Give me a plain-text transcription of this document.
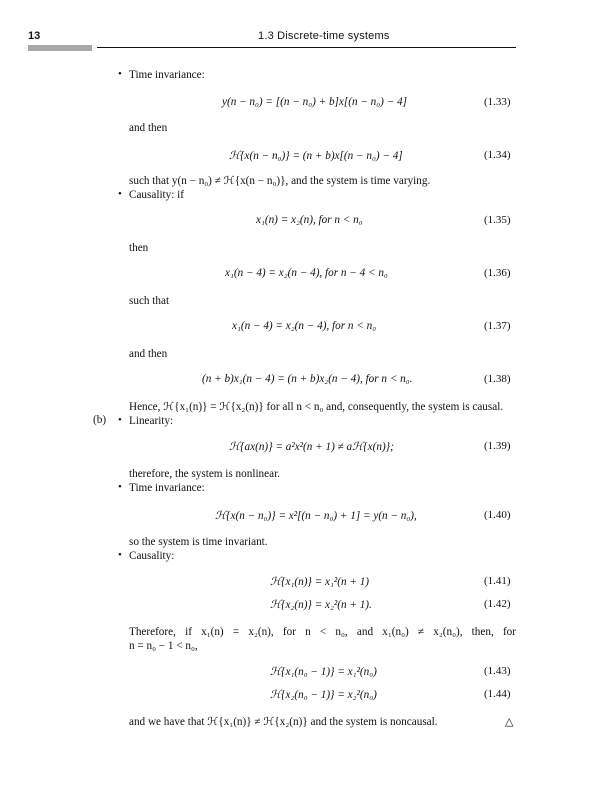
13	1.3 Discrete-time systems
• Time invariance:
y(n − n₀) = [(n − n₀) + b]x[(n − n₀) − 4]	(1.33)
and then
ℋ{x(n − n₀)} = (n + b)x[(n − n₀) − 4]	(1.34)
such that y(n − n₀) ≠ ℋ{x(n − n₀)}, and the system is time varying.
• Causality: if
x₁(n) = x₂(n), for n < n₀	(1.35)
then
x₁(n − 4) = x₂(n − 4), for n − 4 < n₀	(1.36)
such that
x₁(n − 4) = x₂(n − 4), for n < n₀	(1.37)
and then
(n + b)x₁(n − 4) = (n + b)x₂(n − 4), for n < n₀.	(1.38)
Hence, ℋ{x₁(n)} = ℋ{x₂(n)} for all n < n₀ and, consequently, the system is causal.
(b) • Linearity:
ℋ{ax(n)} = a²x²(n + 1) ≠ aℋ{x(n)};	(1.39)
therefore, the system is nonlinear.
• Time invariance:
ℋ{x(n − n₀)} = x²[(n − n₀) + 1] = y(n − n₀),	(1.40)
so the system is time invariant.
• Causality:
ℋ{x₁(n)} = x₁²(n + 1)	(1.41)
ℋ{x₂(n)} = x₂²(n + 1).	(1.42)
Therefore, if x₁(n) = x₂(n), for n < n₀, and x₁(n₀) ≠ x₂(n₀), then, for
n = n₀ − 1 < n₀,
ℋ{x₁(n₀ − 1)} = x₁²(n₀)	(1.43)
ℋ{x₂(n₀ − 1)} = x₂²(n₀)	(1.44)
and we have that ℋ{x₁(n)} ≠ ℋ{x₂(n)} and the system is noncausal.	△
